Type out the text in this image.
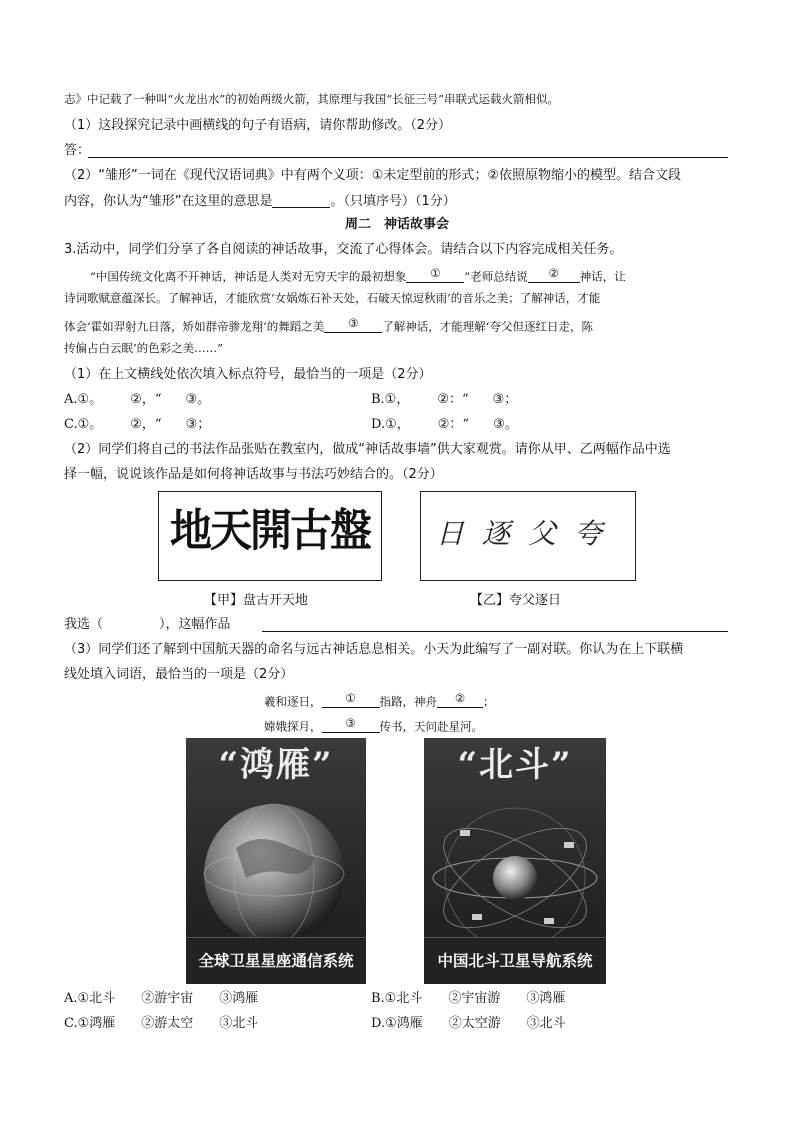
志》中记载了一种叫“火龙出水”的初始两级火箭，其原理与我国“长征三号”串联式运载火箭相似。
（1）这段探究记录中画横线的句子有语病，请你帮助修改。（2分）
答：
（2）“雏形”一词在《现代汉语词典》中有两个义项：①未定型前的形式；②依照原物缩小的模型。结合文段
内容，你认为“雏形”在这里的意思是	。（只填序号）（1分）
周二　神话故事会
3.活动中，同学们分享了各自阅读的神话故事，交流了心得体会。请结合以下内容完成相关任务。
“中国传统文化离不开神话，神话是人类对无穷天宇的最初想象 ① ”老师总结说 ② 神话，让
诗词歌赋意蕴深长。了解神话，才能欣赏‘女娲炼石补天处，石破天惊逗秋雨’的音乐之美；了解神话，才能
体会‘霍如羿射九日落，矫如群帝骖龙翔’的舞蹈之美 ③ 了解神话，才能理解‘夸父但逐红日走，陈
抟偏占白云眠’的色彩之美……”
（1）在上文横线处依次填入标点符号，最恰当的一项是（2分）
A.①。 ②，“ ③。	B.①， ②：“ ③；
C.①。 ②，“ ③；	D.①， ②：“ ③。
（2）同学们将自己的书法作品张贴在教室内，做成“神话故事墙”供大家观赏。请你从甲、乙两幅作品中选
择一幅，说说该作品是如何将神话故事与书法巧妙结合的。（2分）
地天開古盤	日逐父夸
【甲】盘古开天地	【乙】夸父逐日
我选（	），这幅作品
（3）同学们还了解到中国航天器的命名与远古神话息息相关。小天为此编写了一副对联。你认为在上下联横
线处填入词语，最恰当的一项是（2分）
羲和逐日， ① 指路，神舟 ② ；
嫦娥探月， ③ 传书，天问赴星河。
“鸿雁”
全球卫星星座通信系统
“北斗”
中国北斗卫星导航系统
A.①北斗 ②游宇宙 ③鸿雁	B.①北斗 ②宇宙游 ③鸿雁
C.①鸿雁 ②游太空 ③北斗	D.①鸿雁 ②太空游 ③北斗
